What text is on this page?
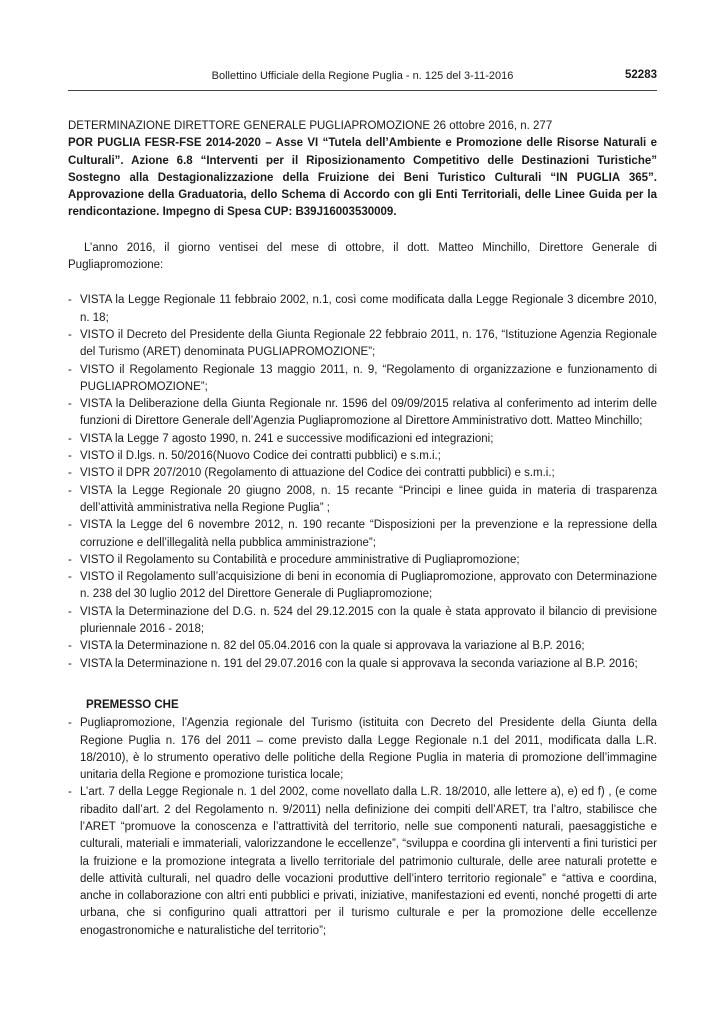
Bollettino Ufficiale della Regione Puglia - n. 125 del 3-11-2016	52283

DETERMINAZIONE DIRETTORE GENERALE PUGLIAPROMOZIONE 26 ottobre 2016, n. 277
POR PUGLIA FESR-FSE 2014-2020 – Asse VI “Tutela dell’Ambiente e Promozione delle Risorse Naturali e Culturali”. Azione 6.8 “Interventi per il Riposizionamento Competitivo delle Destinazioni Turistiche” Sostegno alla Destagionalizzazione della Fruizione dei Beni Turistico Culturali “IN PUGLIA 365”. Approvazione della Graduatoria, dello Schema di Accordo con gli Enti Territoriali, delle Linee Guida per la rendicontazione. Impegno di Spesa CUP: B39J16003530009.

L’anno 2016, il giorno ventisei del mese di ottobre, il dott. Matteo Minchillo, Direttore Generale di Pugliapromozione:

- VISTA la Legge Regionale 11 febbraio 2002, n.1, così come modificata dalla Legge Regionale 3 dicembre 2010, n. 18;
- VISTO il Decreto del Presidente della Giunta Regionale 22 febbraio 2011, n. 176, “Istituzione Agenzia Regionale del Turismo (ARET) denominata PUGLIAPROMOZIONE”;
- VISTO il Regolamento Regionale 13 maggio 2011, n. 9, “Regolamento di organizzazione e funzionamento di PUGLIAPROMOZIONE”;
- VISTA la Deliberazione della Giunta Regionale nr. 1596 del 09/09/2015 relativa al conferimento ad interim delle funzioni di Direttore Generale dell’Agenzia Pugliapromozione al Direttore Amministrativo dott. Matteo Minchillo;
- VISTA la Legge 7 agosto 1990, n. 241 e successive modificazioni ed integrazioni;
- VISTO il D.lgs. n. 50/2016(Nuovo Codice dei contratti pubblici) e s.m.i.;
- VISTO il DPR 207/2010 (Regolamento di attuazione del Codice dei contratti pubblici) e s.m.i.;
- VISTA la Legge Regionale 20 giugno 2008, n. 15 recante “Principi e linee guida in materia di trasparenza dell’attività amministrativa nella Regione Puglia” ;
- VISTA la Legge del 6 novembre 2012, n. 190 recante “Disposizioni per la prevenzione e la repressione della corruzione e dell’illegalità nella pubblica amministrazione”;
- VISTO il Regolamento su Contabilità e procedure amministrative di Pugliapromozione;
- VISTO il Regolamento sull’acquisizione di beni in economia di Pugliapromozione, approvato con Determinazione n. 238 del 30 luglio 2012 del Direttore Generale di Pugliapromozione;
- VISTA la Determinazione del D.G. n. 524 del 29.12.2015 con la quale è stata approvato il bilancio di previsione pluriennale 2016 - 2018;
- VISTA la Determinazione n. 82 del 05.04.2016 con la quale si approvava la variazione al B.P. 2016;
- VISTA la Determinazione n. 191 del 29.07.2016 con la quale si approvava la seconda variazione al B.P. 2016;
PREMESSO CHE
- Pugliapromozione, l’Agenzia regionale del Turismo (istituita con Decreto del Presidente della Giunta della Regione Puglia n. 176 del 2011 – come previsto dalla Legge Regionale n.1 del 2011, modificata dalla L.R. 18/2010), è lo strumento operativo delle politiche della Regione Puglia in materia di promozione dell’immagine unitaria della Regione e promozione turistica locale;
- L’art. 7 della Legge Regionale n. 1 del 2002, come novellato dalla L.R. 18/2010, alle lettere a), e) ed f) , (e come ribadito dall’art. 2 del Regolamento n. 9/2011) nella definizione dei compiti dell’ARET, tra l’altro, stabilisce che l’ARET “promuove la conoscenza e l’attrattività del territorio, nelle sue componenti naturali, paesaggistiche e culturali, materiali e immateriali, valorizzandone le eccellenze”, “sviluppa e coordina gli interventi a fini turistici per la fruizione e la promozione integrata a livello territoriale del patrimonio culturale, delle aree naturali protette e delle attività culturali, nel quadro delle vocazioni produttive dell’intero territorio regionale” e “attiva e coordina, anche in collaborazione con altri enti pubblici e privati, iniziative, manifestazioni ed eventi, nonché progetti di arte urbana, che si configurino quali attrattori per il turismo culturale e per la promozione delle eccellenze enogastronomiche e naturalistiche del territorio”;
